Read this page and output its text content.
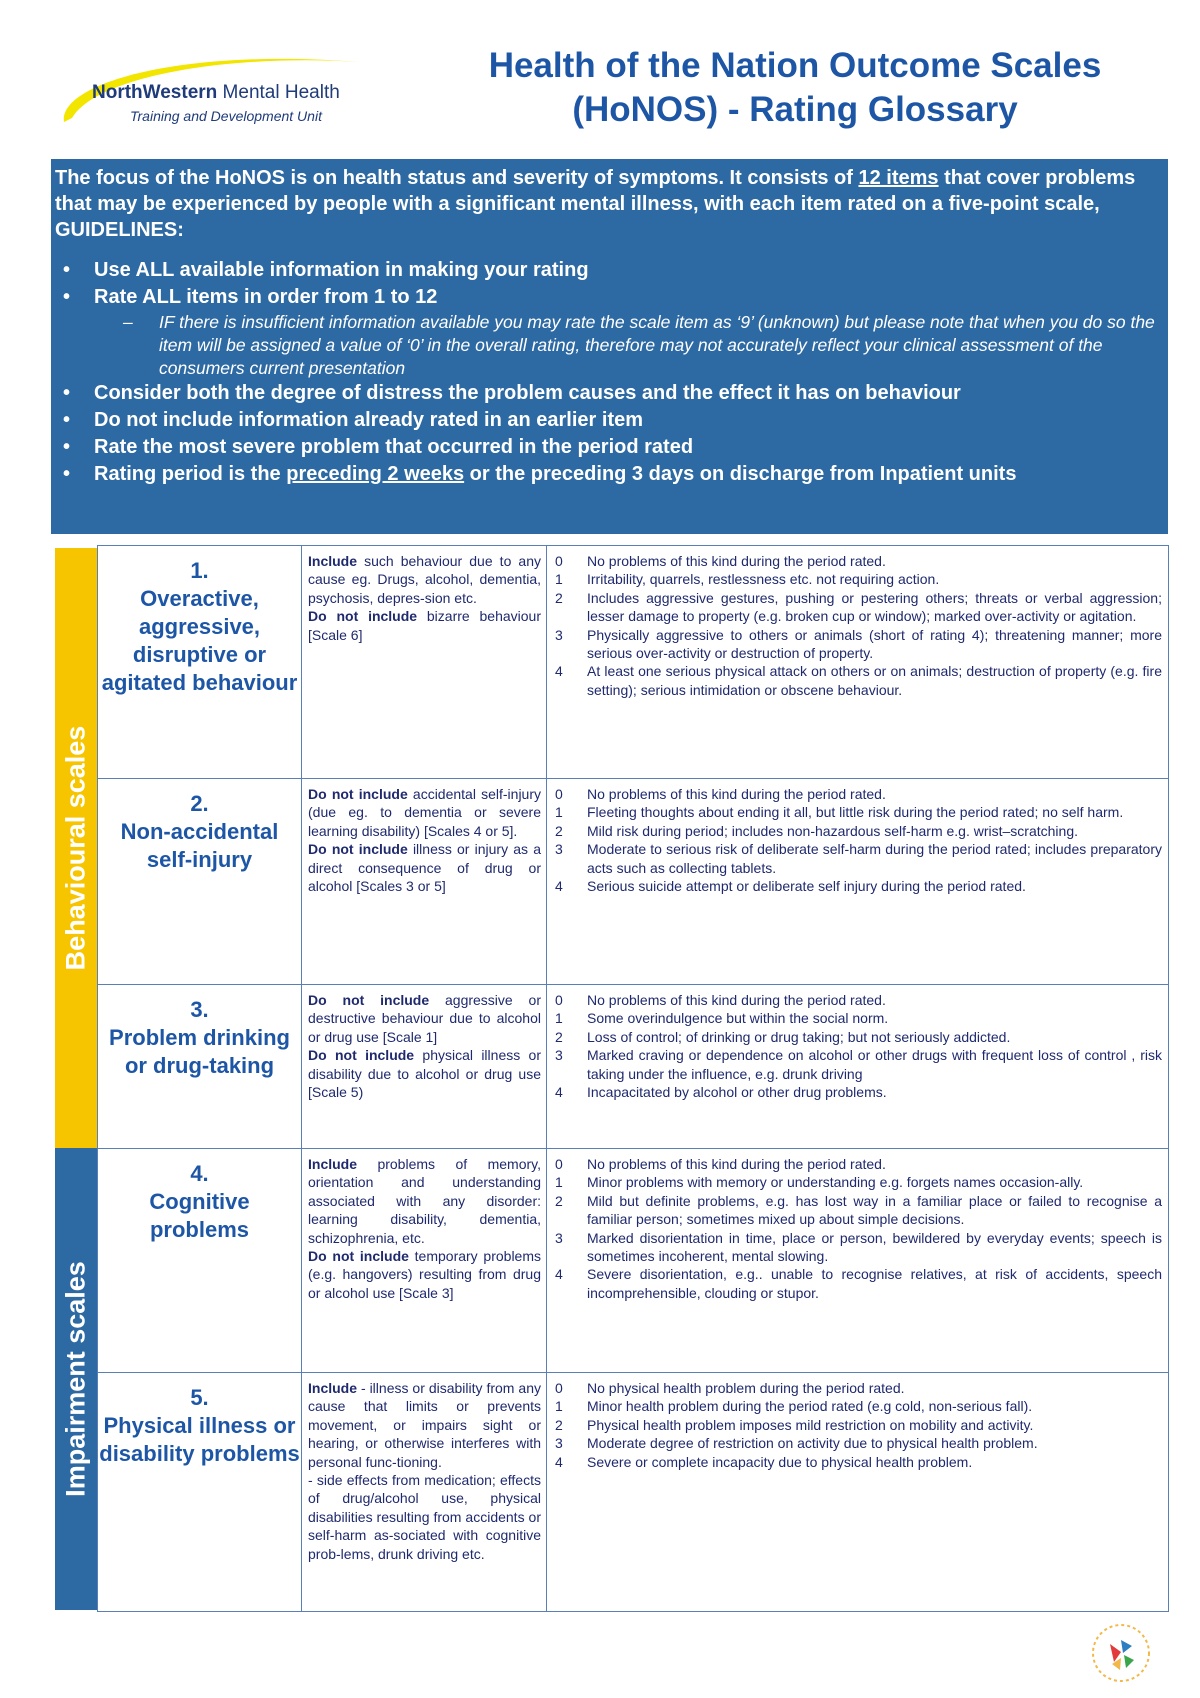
NorthWestern Mental Health
Training and Development Unit
Health of the Nation Outcome Scales
(HoNOS) - Rating Glossary
The focus of the HoNOS is on health status and severity of symptoms. It consists of 12 items that cover problems that may be experienced by people with a significant mental illness, with each item rated on a five-point scale, GUIDELINES:
• Use ALL available information in making your rating
• Rate ALL items in order from 1 to 12
– IF there is insufficient information available you may rate the scale item as ‘9’ (unknown) but please note that when you do so the item will be assigned a value of ‘0’ in the overall rating, therefore may not accurately reflect your clinical assessment of the consumers current presentation
• Consider both the degree of distress the problem causes and the effect it has on behaviour
• Do not include information already rated in an earlier item
• Rate the most severe problem that occurred in the period rated
• Rating period is the preceding 2 weeks or the preceding 3 days on discharge from Inpatient units
Behavioural scales
Impairment scales
1.
Overactive, aggressive, disruptive or agitated behaviour
Include such behaviour due to any cause eg. Drugs, alcohol, dementia, psychosis, depres-sion etc.
Do not include bizarre behaviour [Scale 6]
0	No problems of this kind during the period rated.
1	Irritability, quarrels, restlessness etc. not requiring action.
2	Includes aggressive gestures, pushing or pestering others; threats or verbal aggression; lesser damage to property (e.g. broken cup or window); marked over-activity or agitation.
3	Physically aggressive to others or animals (short of rating 4); threatening manner; more serious over-activity or destruction of property.
4	At least one serious physical attack on others or on animals; destruction of property (e.g. fire setting); serious intimidation or obscene behaviour.
2.
Non-accidental self-injury
Do not include accidental self-injury (due eg. to dementia or severe learning disability) [Scales 4 or 5].
Do not include illness or injury as a direct consequence of drug or alcohol [Scales 3 or 5]
0	No problems of this kind during the period rated.
1	Fleeting thoughts about ending it all, but little risk during the period rated; no self harm.
2	Mild risk during period; includes non-hazardous self-harm e.g. wrist–scratching.
3	Moderate to serious risk of deliberate self-harm during the period rated; includes preparatory acts such as collecting tablets.
4	Serious suicide attempt or deliberate self injury during the period rated.
3.
Problem drinking or drug-taking
Do not include aggressive or destructive behaviour due to alcohol or drug use [Scale 1]
Do not include physical illness or disability due to alcohol or drug use [Scale 5)
0	No problems of this kind during the period rated.
1	Some overindulgence but within the social norm.
2	Loss of control; of drinking or drug taking; but not seriously addicted.
3	Marked craving or dependence on alcohol or other drugs with frequent loss of control , risk taking under the influence, e.g. drunk driving
4	Incapacitated by alcohol or other drug problems.
4.
Cognitive problems
Include problems of memory, orientation and understanding associated with any disorder: learning disability, dementia, schizophrenia, etc.
Do not include temporary problems (e.g. hangovers) resulting from drug or alcohol use [Scale 3]
0	No problems of this kind during the period rated.
1	Minor problems with memory or understanding e.g. forgets names occasion-ally.
2	Mild but definite problems, e.g. has lost way in a familiar place or failed to recognise a familiar person; sometimes mixed up about simple decisions.
3	Marked disorientation in time, place or person, bewildered by everyday events; speech is sometimes incoherent, mental slowing.
4	Severe disorientation, e.g.. unable to recognise relatives, at risk of accidents, speech incomprehensible, clouding or stupor.
5.
Physical illness or disability problems
Include - illness or disability from any cause that limits or prevents movement, or impairs sight or hearing, or otherwise interferes with personal func-tioning.
- side effects from medication; effects of drug/alcohol use, physical disabilities resulting from accidents or self-harm as-sociated with cognitive prob-lems, drunk driving etc.
0	No physical health problem during the period rated.
1	Minor health problem during the period rated (e.g cold, non-serious fall).
2	Physical health problem imposes mild restriction on mobility and activity.
3	Moderate degree of restriction on activity due to physical health problem.
4	Severe or complete incapacity due to physical health problem.
